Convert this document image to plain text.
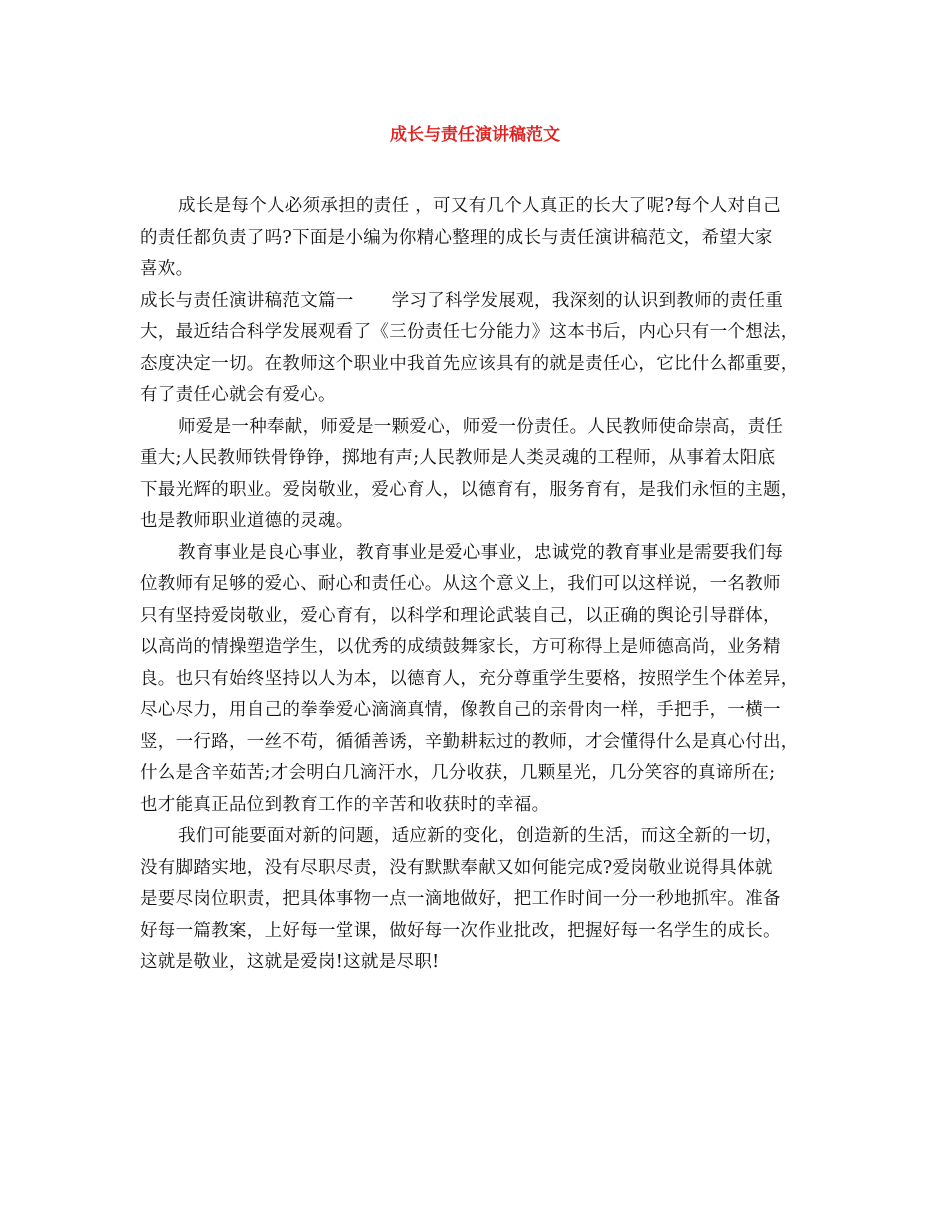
成长与责任演讲稿范文
成长是每个人必须承担的责任 ，可又有几个人真正的长大了呢?每个人对自己
的责任都负责了吗?下面是小编为你精心整理的成长与责任演讲稿范文，希望大家
喜欢。
成长与责任演讲稿范文篇一 学习了科学发展观，我深刻的认识到教师的责任重
大，最近结合科学发展观看了《三份责任七分能力》这本书后，内心只有一个想法，
态度决定一切。在教师这个职业中我首先应该具有的就是责任心，它比什么都重要，
有了责任心就会有爱心。
师爱是一种奉献，师爱是一颗爱心，师爱一份责任。人民教师使命崇高，责任
重大;人民教师铁骨铮铮，掷地有声;人民教师是人类灵魂的工程师，从事着太阳底
下最光辉的职业。爱岗敬业，爱心育人，以德育有，服务育有，是我们永恒的主题，
也是教师职业道德的灵魂。
教育事业是良心事业，教育事业是爱心事业，忠诚党的教育事业是需要我们每
位教师有足够的爱心、耐心和责任心。从这个意义上，我们可以这样说，一名教师
只有坚持爱岗敬业，爱心育有，以科学和理论武装自己，以正确的舆论引导群体，
以高尚的情操塑造学生，以优秀的成绩鼓舞家长，方可称得上是师德高尚，业务精
良。也只有始终坚持以人为本，以德育人，充分尊重学生要格，按照学生个体差异，
尽心尽力，用自己的拳拳爱心滴滴真情，像教自己的亲骨肉一样，手把手，一横一
竖，一行路，一丝不苟，循循善诱，辛勤耕耘过的教师，才会懂得什么是真心付出，
什么是含辛茹苦;才会明白几滴汗水，几分收获，几颗星光，几分笑容的真谛所在;
也才能真正品位到教育工作的辛苦和收获时的幸福。
我们可能要面对新的问题，适应新的变化，创造新的生活，而这全新的一切，
没有脚踏实地，没有尽职尽责，没有默默奉献又如何能完成?爱岗敬业说得具体就
是要尽岗位职责，把具体事物一点一滴地做好，把工作时间一分一秒地抓牢。准备
好每一篇教案，上好每一堂课，做好每一次作业批改，把握好每一名学生的成长。
这就是敬业，这就是爱岗!这就是尽职!
